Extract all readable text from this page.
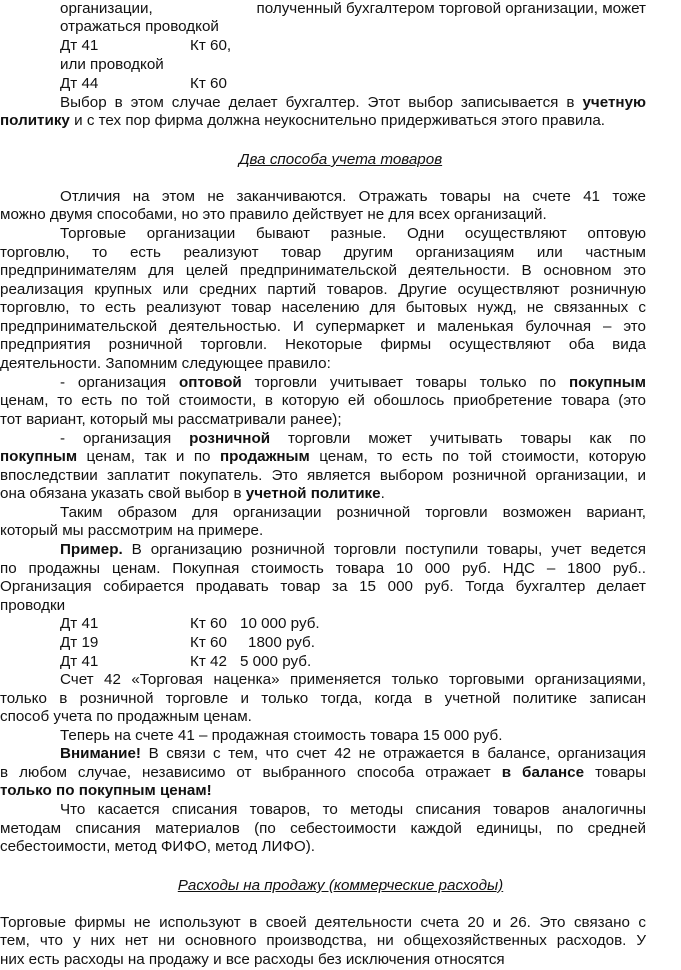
организации,	полученный бухгалтером торговой организации, может
отражаться проводкой
Дт 41	Кт 60,
или проводкой
Дт 44	Кт 60
Выбор в этом случае делает бухгалтер. Этот выбор записывается в учетную
политику и с тех пор фирма должна неукоснительно придерживаться этого правила.
Два способа учета товаров
Отличия на этом не заканчиваются. Отражать товары на счете 41 тоже
можно двумя способами, но это правило действует не для всех организаций.
Торговые организации бывают разные. Одни осуществляют оптовую
торговлю, то есть реализуют товар другим организациям или частным
предпринимателям для целей предпринимательской деятельности. В основном это
реализация крупных или средних партий товаров. Другие осуществляют розничную
торговлю, то есть реализуют товар населению для бытовых нужд, не связанных с
предпринимательской деятельностью. И супермаркет и маленькая булочная – это
предприятия розничной торговли. Некоторые фирмы осуществляют оба вида
деятельности. Запомним следующее правило:
- организация оптовой торговли учитывает товары только по покупным
ценам, то есть по той стоимости, в которую ей обошлось приобретение товара (это
тот вариант, который мы рассматривали ранее);
- организация розничной торговли может учитывать товары как по
покупным ценам, так и по продажным ценам, то есть по той стоимости, которую
впоследствии заплатит покупатель. Это является выбором розничной организации, и
она обязана указать свой выбор в учетной политике.
Таким образом для организации розничной торговли возможен вариант,
который мы рассмотрим на примере.
Пример. В организацию розничной торговли поступили товары, учет ведется
по продажны ценам. Покупная стоимость товара 10 000 руб. НДС – 1800 руб..
Организация собирается продавать товар за 15 000 руб. Тогда бухгалтер делает
проводки
Дт 41	Кт 60 10 000 руб.
Дт 19	Кт 60 1800 руб.
Дт 41	Кт 42 5 000 руб.
Счет 42 «Торговая наценка» применяется только торговыми организациями,
только в розничной торговле и только тогда, когда в учетной политике записан
способ учета по продажным ценам.
Теперь на счете 41 – продажная стоимость товара 15 000 руб.
Внимание! В связи с тем, что счет 42 не отражается в балансе, организация
в любом случае, независимо от выбранного способа отражает в балансе товары
только по покупным ценам!
Что касается списания товаров, то методы списания товаров аналогичны
методам списания материалов (по себестоимости каждой единицы, по средней
себестоимости, метод ФИФО, метод ЛИФО).
Расходы на продажу (коммерческие расходы)
Торговые фирмы не используют в своей деятельности счета 20 и 26. Это связано с
тем, что у них нет ни основного производства, ни общехозяйственных расходов. У
них есть расходы на продажу и все расходы без исключения относятся
